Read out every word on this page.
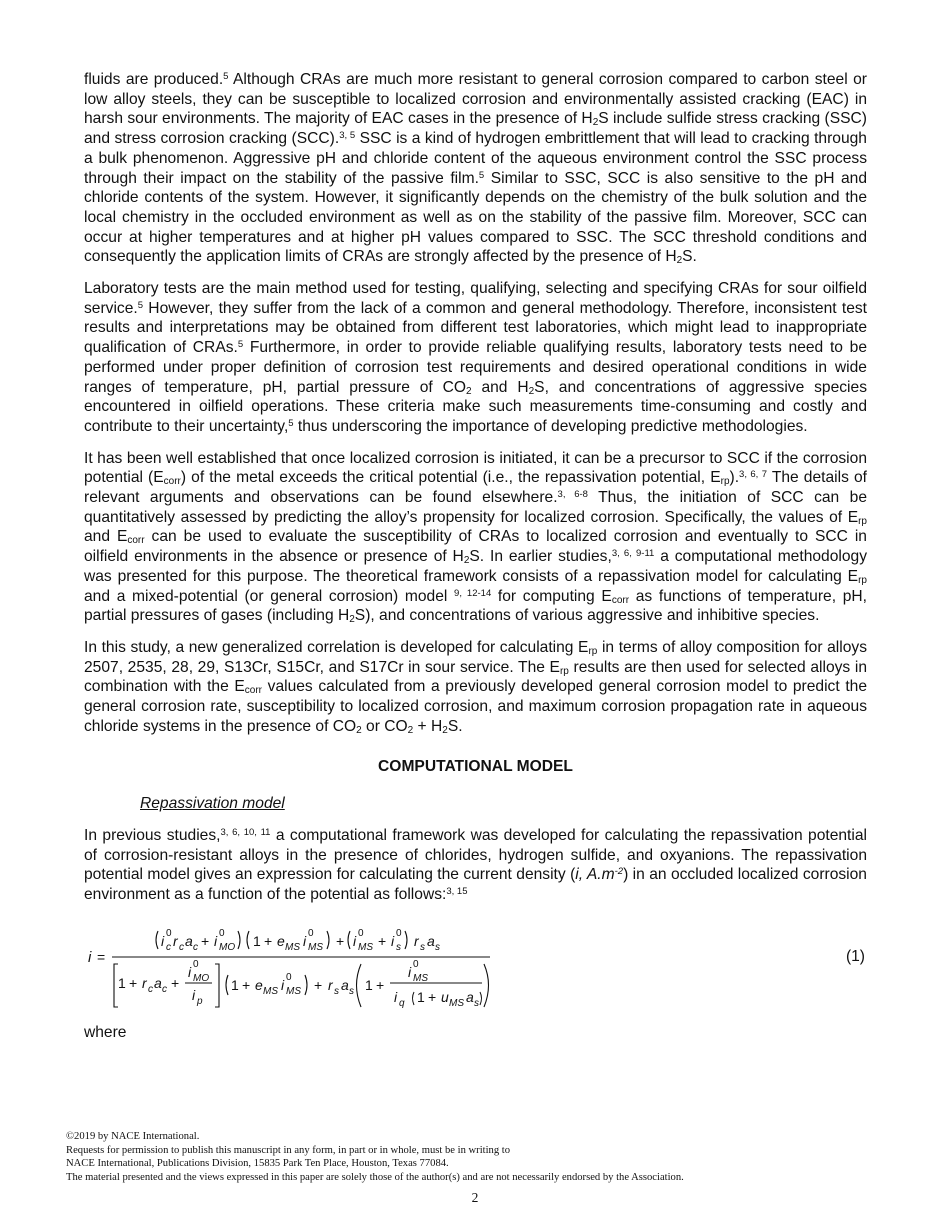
fluids are produced.$^5$ Although CRAs are much more resistant to general corrosion compared to carbon steel or low alloy steels, they can be susceptible to localized corrosion and environmentally assisted cracking (EAC) in harsh sour environments. The majority of EAC cases in the presence of $H_2S$ include sulfide stress cracking (SSC) and stress corrosion cracking (SCC).$^{3, 5}$ SSC is a kind of hydrogen embrittlement that will lead to cracking through a bulk phenomenon. Aggressive pH and chloride content of the aqueous environment control the SSC process through their impact on the stability of the passive film.$^5$ Similar to SSC, SCC is also sensitive to the pH and chloride contents of the system. However, it significantly depends on the chemistry of the bulk solution and the local chemistry in the occluded environment as well as on the stability of the passive film. Moreover, SCC can occur at higher temperatures and at higher pH values compared to SSC. The SCC threshold conditions and consequently the application limits of CRAs are strongly affected by the presence of $H_2S$.

Laboratory tests are the main method used for testing, qualifying, selecting and specifying CRAs for sour oilfield service.$^5$ However, they suffer from the lack of a common and general methodology. Therefore, inconsistent test results and interpretations may be obtained from different test laboratories, which might lead to inappropriate qualification of CRAs.$^5$ Furthermore, in order to provide reliable qualifying results, laboratory tests need to be performed under proper definition of corrosion test requirements and desired operational conditions in wide ranges of temperature, pH, partial pressure of $CO_2$ and $H_2S$, and concentrations of aggressive species encountered in oilfield operations. These criteria make such measurements time-consuming and costly and contribute to their uncertainty,$^5$ thus underscoring the importance of developing predictive methodologies.

It has been well established that once localized corrosion is initiated, it can be a precursor to SCC if the corrosion potential $(E_{corr})$ of the metal exceeds the critical potential (i.e., the repassivation potential, $E_{rp}).^{3, 6, 7}$ The details of relevant arguments and observations can be found elsewhere.$^{3, 6-8}$ Thus, the initiation of SCC can be quantitatively assessed by predicting the alloy’s propensity for localized corrosion. Specifically, the values of $E_{rp}$ and $E_{corr}$ can be used to evaluate the susceptibility of CRAs to localized corrosion and eventually to SCC in oilfield environments in the absence or presence of $H_2S$. In earlier studies,$^{3, 6, 9-11}$ a computational methodology was presented for this purpose. The theoretical framework consists of a repassivation model for calculating $E_{rp}$ and a mixed-potential (or general corrosion) model $^{9, 12-14}$ for computing $E_{corr}$ as functions of temperature, pH, partial pressures of gases (including $H_2S$), and concentrations of various aggressive and inhibitive species.

In this study, a new generalized correlation is developed for calculating $E_{rp}$ in terms of alloy composition for alloys 2507, 2535, 28, 29, S13Cr, S15Cr, and S17Cr in sour service. The $E_{rp}$ results are then used for selected alloys in combination with the $E_{corr}$ values calculated from a previously developed general corrosion model to predict the general corrosion rate, susceptibility to localized corrosion, and maximum corrosion propagation rate in aqueous chloride systems in the presence of $CO_2$ or $CO_2 + H_2S$.

COMPUTATIONAL MODEL
Repassivation model

In previous studies,$^{3, 6, 10, 11}$ a computational framework was developed for calculating the repassivation potential of corrosion-resistant alloys in the presence of chlorides, hydrogen sulfide, and oxyanions. The repassivation potential model gives an expression for calculating the current density (i, $A.m^{-2}$) in an occluded localized corrosion environment as a function of the potential as follows:$^{3, 15}$

i =
i 0
c r c a c + i 0
MO 1 + e MS i 0
MS + i 0
MS + i 0
s r s a s
1 + r c a c +
i 0
MO
i p
1 + e MS i 0
MS + r s a s 1 +
i 0
MS
i q 1 + u MS a s
(1)

where

©2019 by NACE International.
Requests for permission to publish this manuscript in any form, in part or in whole, must be in writing to
NACE International, Publications Division, 15835 Park Ten Place, Houston, Texas 77084.
The material presented and the views expressed in this paper are solely those of the author(s) and are not necessarily endorsed by the Association.
2
